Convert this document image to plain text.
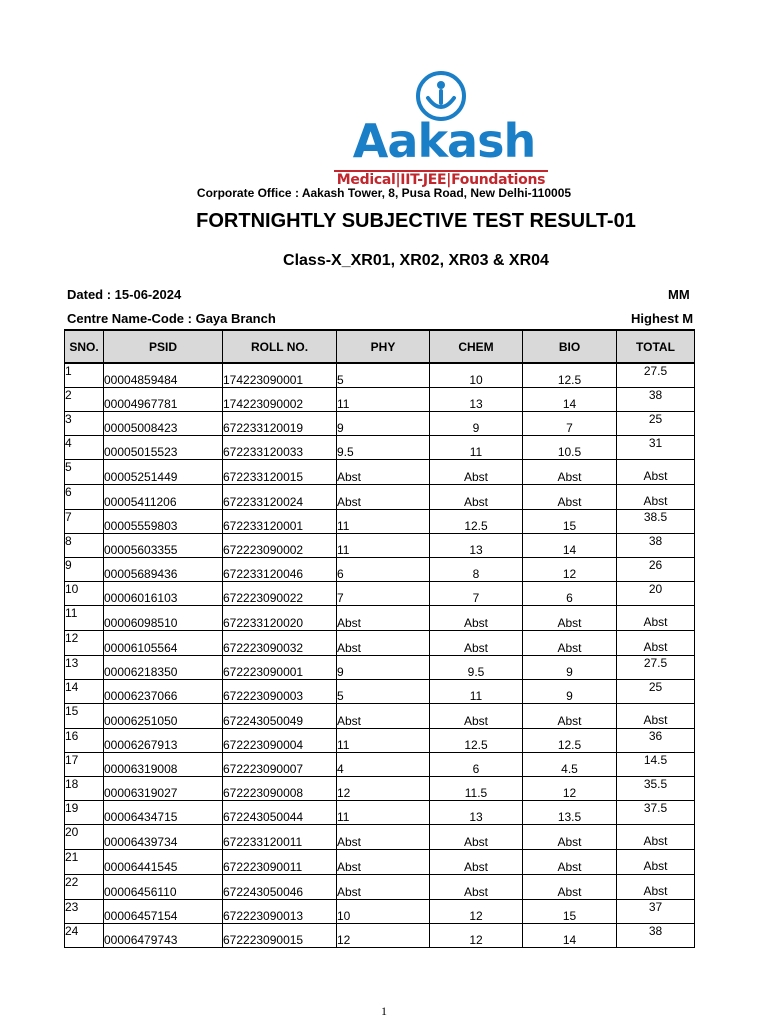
Aakash
Medical|IIT-JEE|Foundations
Corporate Office : Aakash Tower, 8, Pusa Road, New Delhi-110005
FORTNIGHTLY SUBJECTIVE TEST RESULT-01
Class-X_XR01, XR02, XR03 & XR04
Dated : 15-06-2024
Centre Name-Code : Gaya Branch
MM
Highest M
SNO.	PSID	ROLL NO.	PHY	CHEM	BIO	TOTAL
1	00004859484	174223090001	5	10	12.5	27.5
2	00004967781	174223090002	11	13	14	38
3	00005008423	672233120019	9	9	7	25
4	00005015523	672233120033	9.5	11	10.5	31
5	00005251449	672233120015	Abst	Abst	Abst	Abst
6	00005411206	672233120024	Abst	Abst	Abst	Abst
7	00005559803	672233120001	11	12.5	15	38.5
8	00005603355	672223090002	11	13	14	38
9	00005689436	672233120046	6	8	12	26
10	00006016103	672223090022	7	7	6	20
11	00006098510	672233120020	Abst	Abst	Abst	Abst
12	00006105564	672223090032	Abst	Abst	Abst	Abst
13	00006218350	672223090001	9	9.5	9	27.5
14	00006237066	672223090003	5	11	9	25
15	00006251050	672243050049	Abst	Abst	Abst	Abst
16	00006267913	672223090004	11	12.5	12.5	36
17	00006319008	672223090007	4	6	4.5	14.5
18	00006319027	672223090008	12	11.5	12	35.5
19	00006434715	672243050044	11	13	13.5	37.5
20	00006439734	672233120011	Abst	Abst	Abst	Abst
21	00006441545	672223090011	Abst	Abst	Abst	Abst
22	00006456110	672243050046	Abst	Abst	Abst	Abst
23	00006457154	672223090013	10	12	15	37
24	00006479743	672223090015	12	12	14	38
1
